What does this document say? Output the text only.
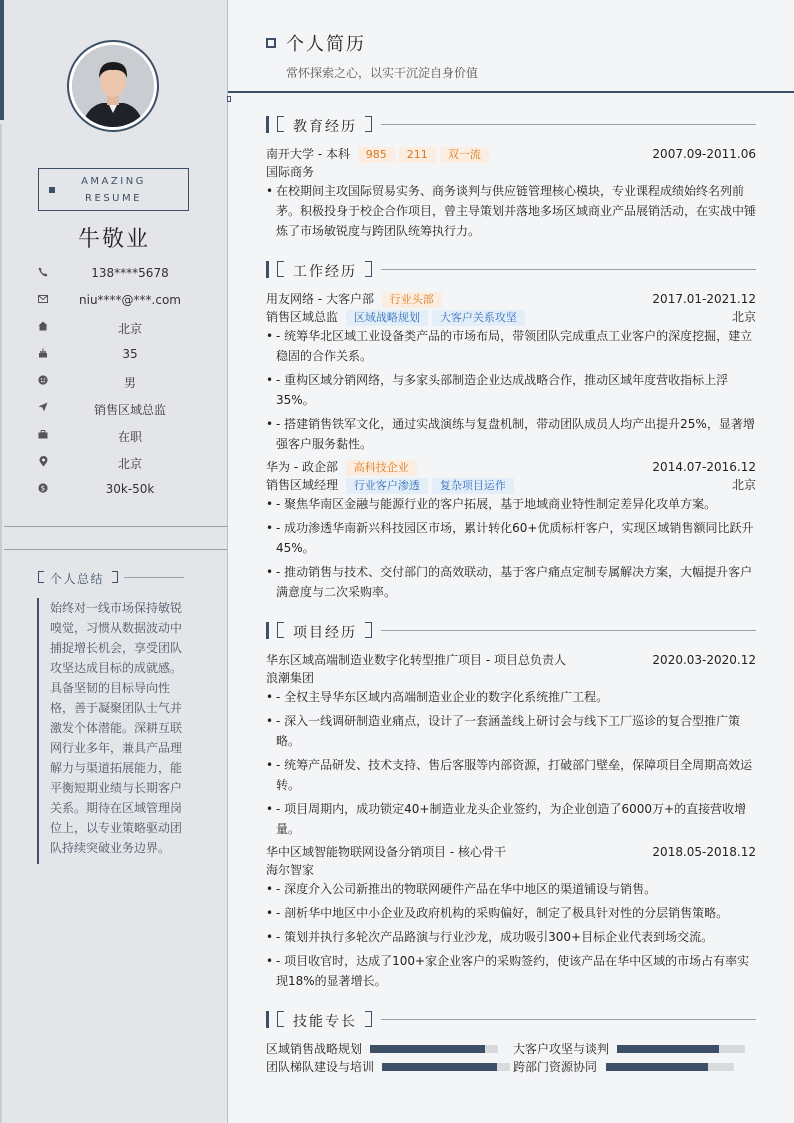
AMAZING
RESUME
牛敬业
138****5678
niu****@***.com
北京
35
男
销售区域总监
在职
北京
$	30k-50k
个人总结
始终对一线市场保持敏锐嗅觉，习惯从数据波动中捕捉增长机会，享受团队攻坚达成目标的成就感。具备坚韧的目标导向性格，善于凝聚团队士气并激发个体潜能。深耕互联网行业多年，兼具产品理解力与渠道拓展能力，能平衡短期业绩与长期客户关系。期待在区域管理岗位上，以专业策略驱动团队持续突破业务边界。
个人简历
常怀探索之心，以实干沉淀自身价值
教育经历
南开大学 - 本科 985 211 双一流	2007.09-2011.06
国际商务
• 在校期间主攻国际贸易实务、商务谈判与供应链管理核心模块，专业课程成绩始终名列前茅。积极投身于校企合作项目，曾主导策划并落地多场区域商业产品展销活动，在实战中锤炼了市场敏锐度与跨团队统筹执行力。
工作经历
用友网络 - 大客户部 行业头部	2017.01-2021.12
销售区域总监 区域战略规划 大客户关系攻坚	北京
• - 统筹华北区域工业设备类产品的市场布局，带领团队完成重点工业客户的深度挖掘，建立稳固的合作关系。
• - 重构区域分销网络，与多家头部制造企业达成战略合作，推动区域年度营收指标上浮35%。
• - 搭建销售铁军文化，通过实战演练与复盘机制，带动团队成员人均产出提升25%，显著增强客户服务黏性。
华为 - 政企部 高科技企业	2014.07-2016.12
销售区域经理 行业客户渗透 复杂项目运作	北京
• - 聚焦华南区金融与能源行业的客户拓展，基于地域商业特性制定差异化攻单方案。
• - 成功渗透华南新兴科技园区市场，累计转化60+优质标杆客户，实现区域销售额同比跃升45%。
• - 推动销售与技术、交付部门的高效联动，基于客户痛点定制专属解决方案，大幅提升客户满意度与二次采购率。
项目经历
华东区域高端制造业数字化转型推广项目 - 项目总负责人	2020.03-2020.12
浪潮集团
• - 全权主导华东区域内高端制造业企业的数字化系统推广工程。
• - 深入一线调研制造业痛点，设计了一套涵盖线上研讨会与线下工厂巡诊的复合型推广策略。
• - 统筹产品研发、技术支持、售后客服等内部资源，打破部门壁垒，保障项目全周期高效运转。
• - 项目周期内，成功锁定40+制造业龙头企业签约，为企业创造了6000万+的直接营收增量。
华中区域智能物联网设备分销项目 - 核心骨干	2018.05-2018.12
海尔智家
• - 深度介入公司新推出的物联网硬件产品在华中地区的渠道铺设与销售。
• - 剖析华中地区中小企业及政府机构的采购偏好，制定了极具针对性的分层销售策略。
• - 策划并执行多轮次产品路演与行业沙龙，成功吸引300+目标企业代表到场交流。
• - 项目收官时，达成了100+家企业客户的采购签约，使该产品在华中区域的市场占有率实现18%的显著增长。
技能专长
区域销售战略规划	大客户攻坚与谈判
团队梯队建设与培训	跨部门资源协同
